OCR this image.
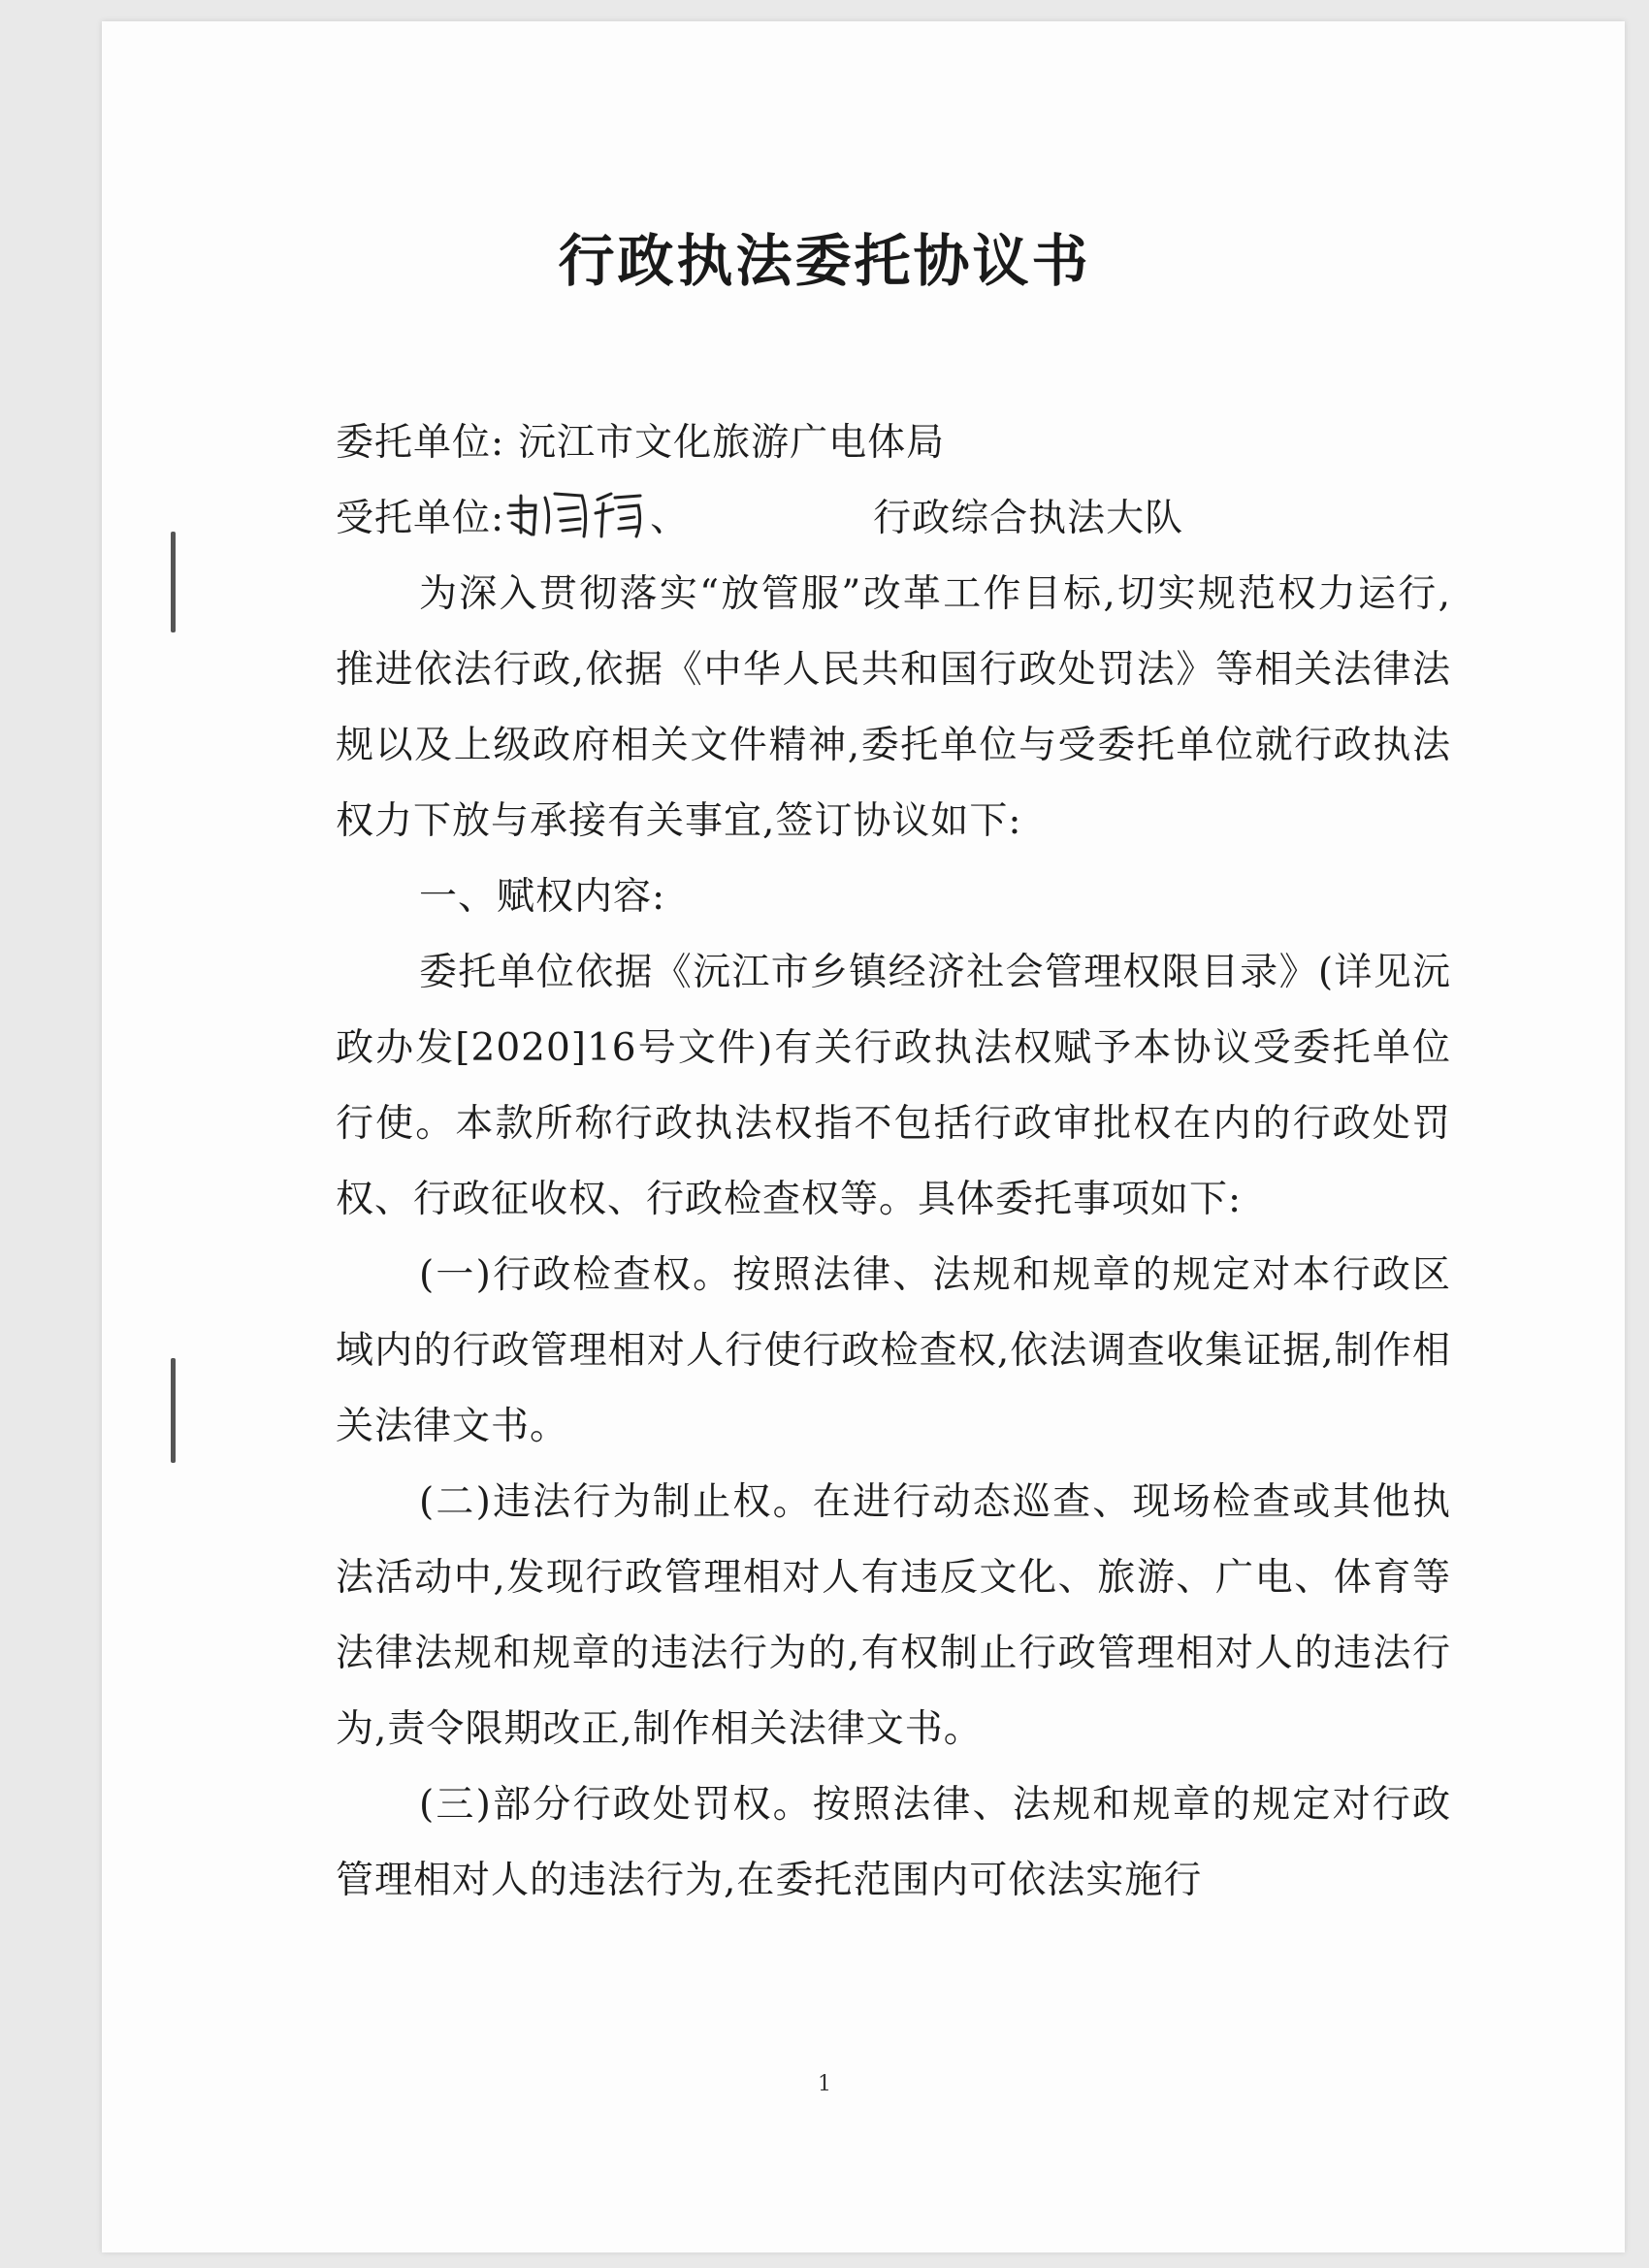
行政执法委托协议书

委托单位: 沅江市文化旅游广电体局

受托单位:	、	行政综合执法大队

为深入贯彻落实“放管服”改革工作目标,切实规范权力运行,推进依法行政,依据《中华人民共和国行政处罚法》等相关法律法规以及上级政府相关文件精神,委托单位与受委托单位就行政执法权力下放与承接有关事宜,签订协议如下:

一、赋权内容:

委托单位依据《沅江市乡镇经济社会管理权限目录》(详见沅政办发[2020]16号文件)有关行政执法权赋予本协议受委托单位行使。本款所称行政执法权指不包括行政审批权在内的行政处罚权、行政征收权、行政检查权等。具体委托事项如下:

(一)行政检查权。按照法律、法规和规章的规定对本行政区域内的行政管理相对人行使行政检查权,依法调查收集证据,制作相关法律文书。

(二)违法行为制止权。在进行动态巡查、现场检查或其他执法活动中,发现行政管理相对人有违反文化、旅游、广电、体育等法律法规和规章的违法行为的,有权制止行政管理相对人的违法行为,责令限期改正,制作相关法律文书。

(三)部分行政处罚权。按照法律、法规和规章的规定对行政管理相对人的违法行为,在委托范围内可依法实施行

1
